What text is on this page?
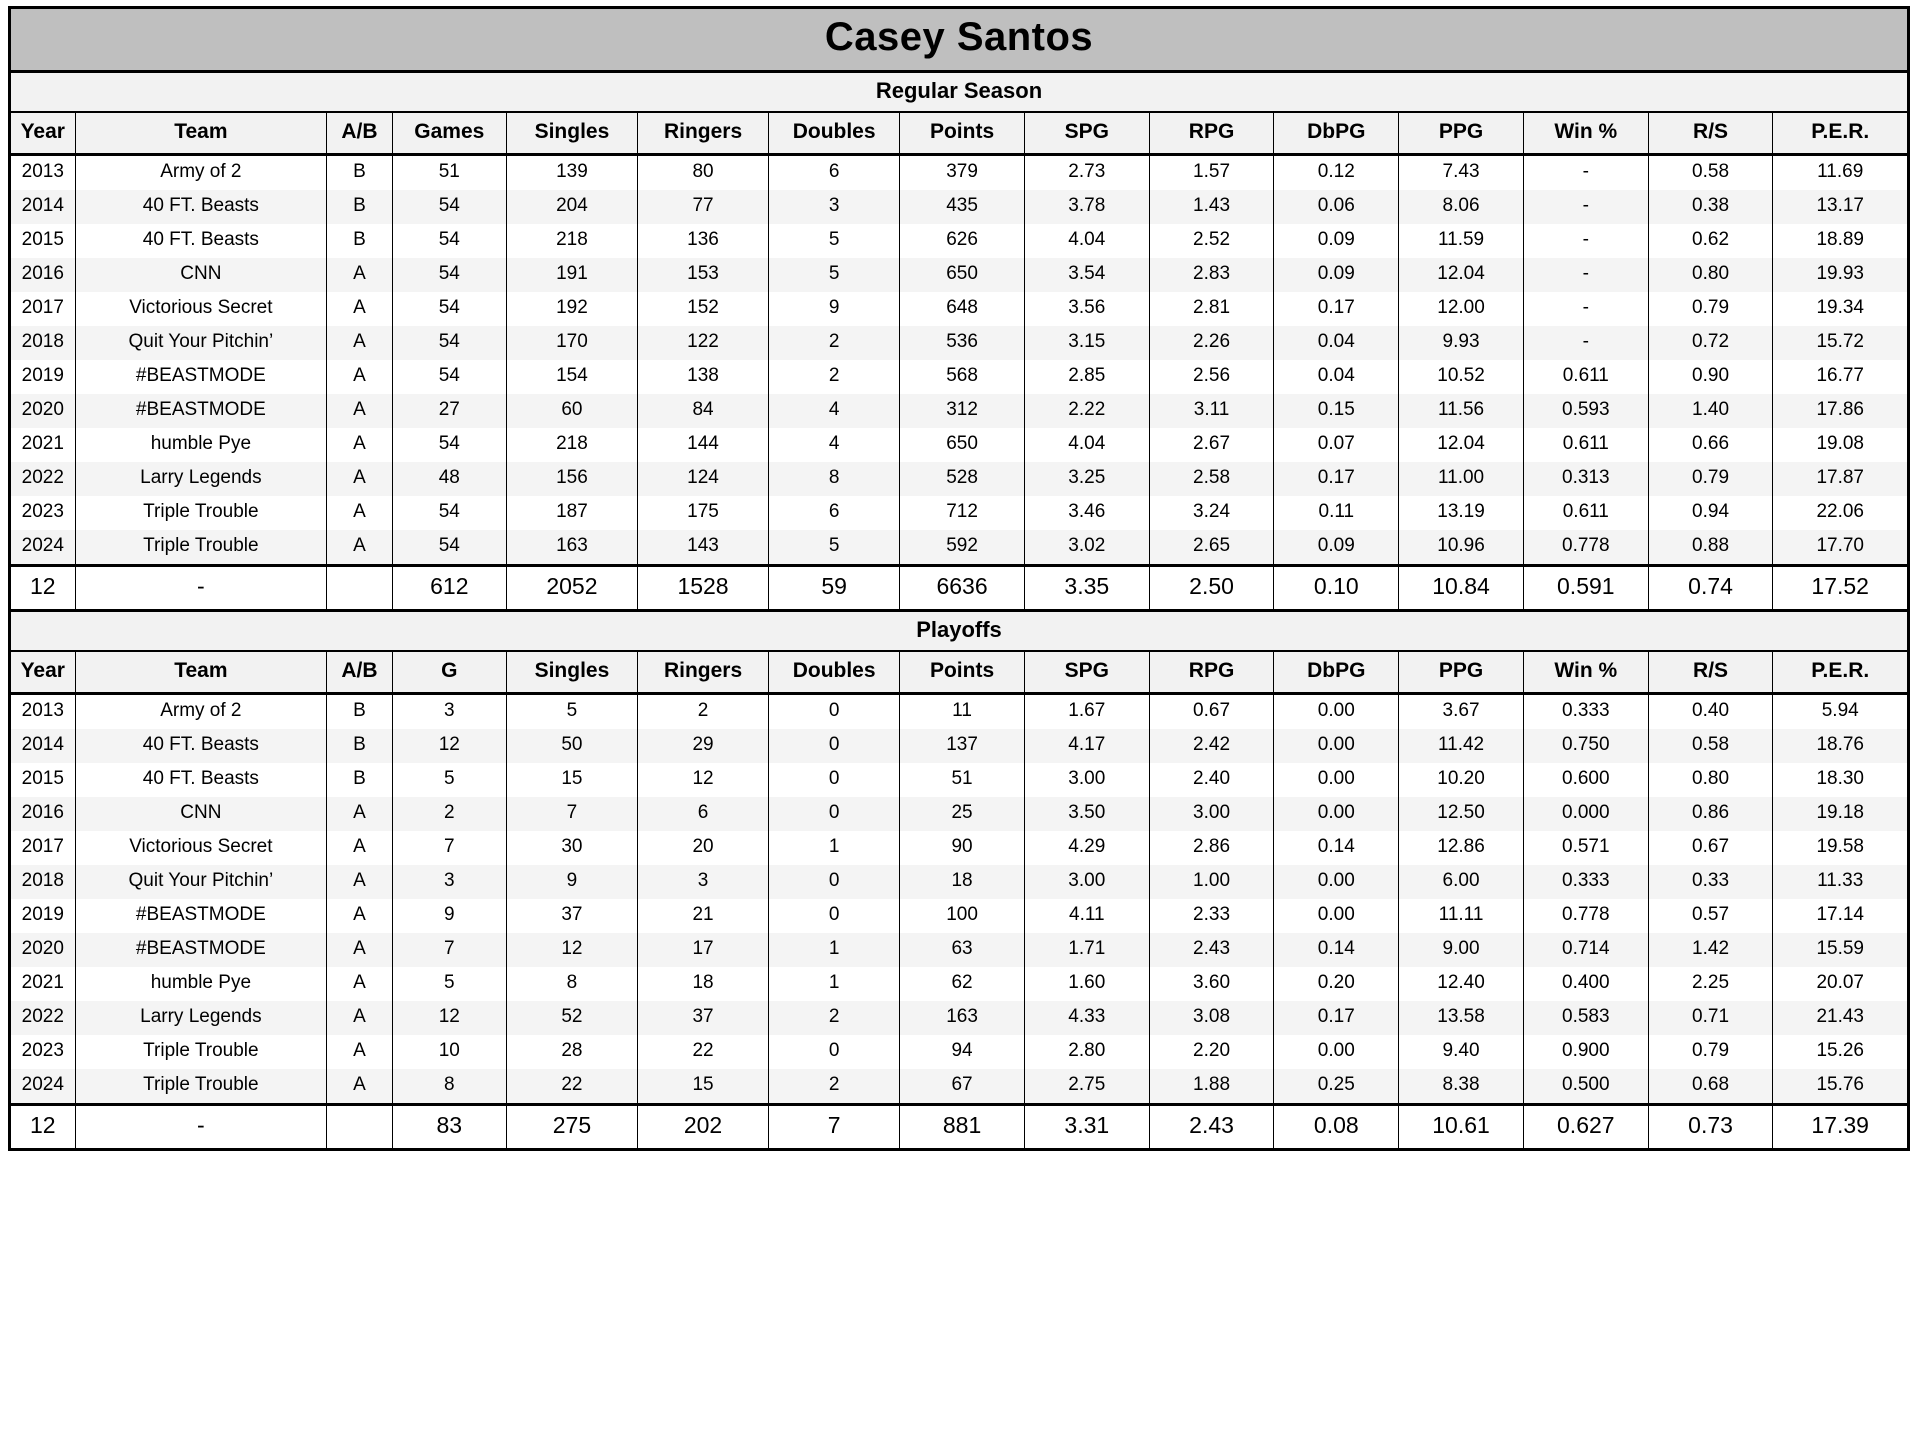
Casey Santos														
Regular Season														
Year	Team	A/B	Games	Singles	Ringers	Doubles	Points	SPG	RPG	DbPG	PPG	Win %	R/S	P.E.R.
2013	Army of 2	B	51	139	80	6	379	2.73	1.57	0.12	7.43	-	0.58	11.69
2014	40 FT. Beasts	B	54	204	77	3	435	3.78	1.43	0.06	8.06	-	0.38	13.17
2015	40 FT. Beasts	B	54	218	136	5	626	4.04	2.52	0.09	11.59	-	0.62	18.89
2016	CNN	A	54	191	153	5	650	3.54	2.83	0.09	12.04	-	0.80	19.93
2017	Victorious Secret	A	54	192	152	9	648	3.56	2.81	0.17	12.00	-	0.79	19.34
2018	Quit Your Pitchin’	A	54	170	122	2	536	3.15	2.26	0.04	9.93	-	0.72	15.72
2019	#BEASTMODE	A	54	154	138	2	568	2.85	2.56	0.04	10.52	0.611	0.90	16.77
2020	#BEASTMODE	A	27	60	84	4	312	2.22	3.11	0.15	11.56	0.593	1.40	17.86
2021	humble Pye	A	54	218	144	4	650	4.04	2.67	0.07	12.04	0.611	0.66	19.08
2022	Larry Legends	A	48	156	124	8	528	3.25	2.58	0.17	11.00	0.313	0.79	17.87
2023	Triple Trouble	A	54	187	175	6	712	3.46	3.24	0.11	13.19	0.611	0.94	22.06
2024	Triple Trouble	A	54	163	143	5	592	3.02	2.65	0.09	10.96	0.778	0.88	17.70
12	-		612	2052	1528	59	6636	3.35	2.50	0.10	10.84	0.591	0.74	17.52
Playoffs														
Year	Team	A/B	G	Singles	Ringers	Doubles	Points	SPG	RPG	DbPG	PPG	Win %	R/S	P.E.R.
2013	Army of 2	B	3	5	2	0	11	1.67	0.67	0.00	3.67	0.333	0.40	5.94
2014	40 FT. Beasts	B	12	50	29	0	137	4.17	2.42	0.00	11.42	0.750	0.58	18.76
2015	40 FT. Beasts	B	5	15	12	0	51	3.00	2.40	0.00	10.20	0.600	0.80	18.30
2016	CNN	A	2	7	6	0	25	3.50	3.00	0.00	12.50	0.000	0.86	19.18
2017	Victorious Secret	A	7	30	20	1	90	4.29	2.86	0.14	12.86	0.571	0.67	19.58
2018	Quit Your Pitchin’	A	3	9	3	0	18	3.00	1.00	0.00	6.00	0.333	0.33	11.33
2019	#BEASTMODE	A	9	37	21	0	100	4.11	2.33	0.00	11.11	0.778	0.57	17.14
2020	#BEASTMODE	A	7	12	17	1	63	1.71	2.43	0.14	9.00	0.714	1.42	15.59
2021	humble Pye	A	5	8	18	1	62	1.60	3.60	0.20	12.40	0.400	2.25	20.07
2022	Larry Legends	A	12	52	37	2	163	4.33	3.08	0.17	13.58	0.583	0.71	21.43
2023	Triple Trouble	A	10	28	22	0	94	2.80	2.20	0.00	9.40	0.900	0.79	15.26
2024	Triple Trouble	A	8	22	15	2	67	2.75	1.88	0.25	8.38	0.500	0.68	15.76
12	-		83	275	202	7	881	3.31	2.43	0.08	10.61	0.627	0.73	17.39
